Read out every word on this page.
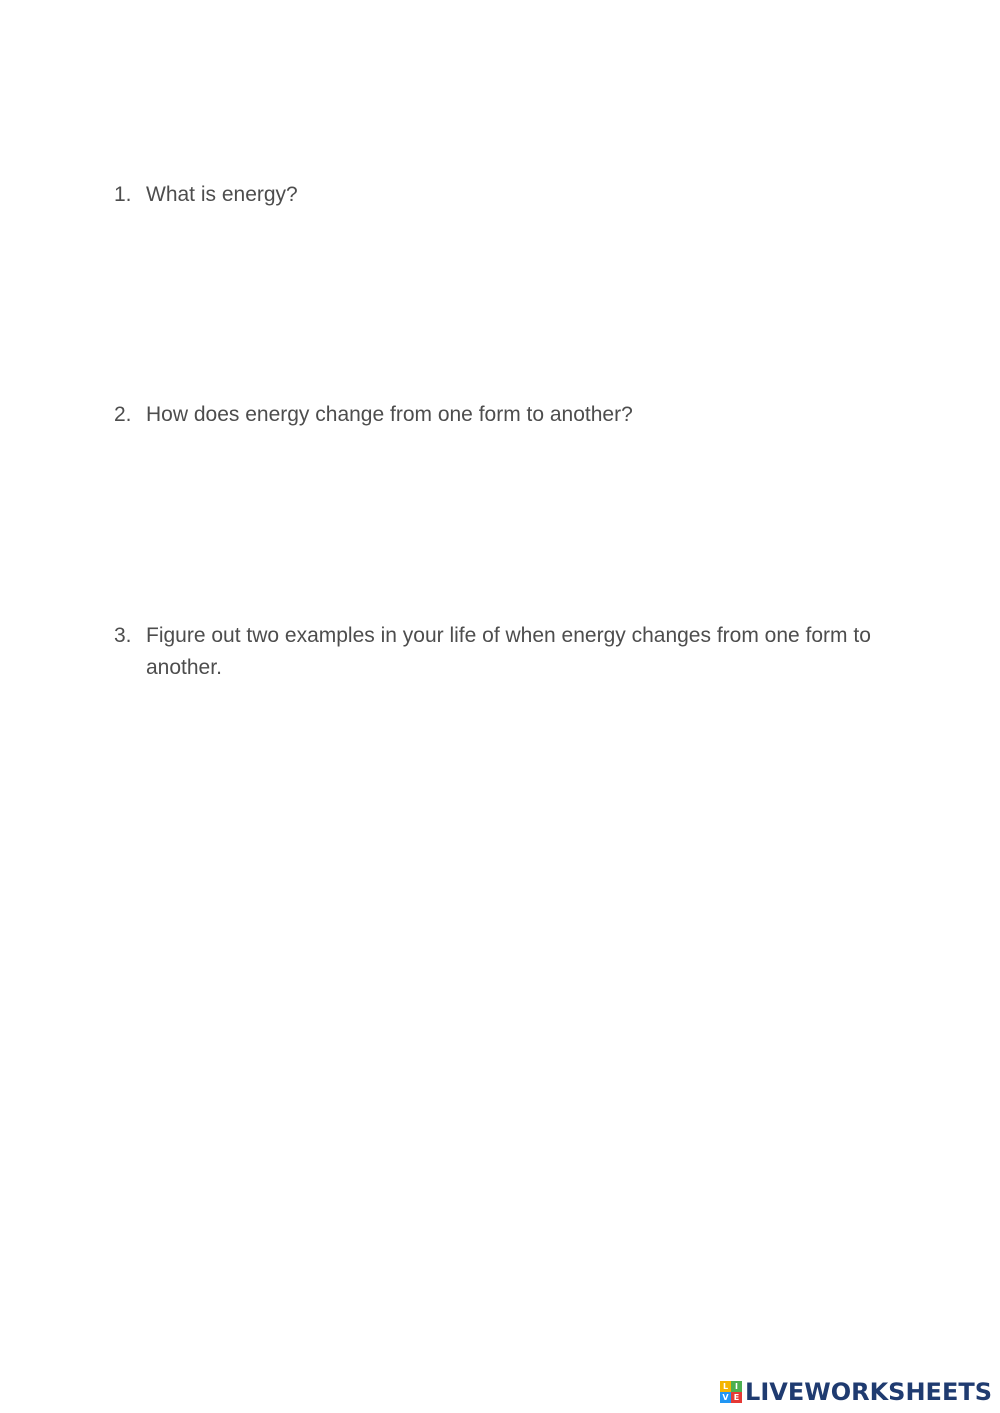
1. What is energy?
2. How does energy change from one form to another?
3. Figure out two examples in your life of when energy changes from one form to another.
L I
V E LIVEWORKSHEETS
